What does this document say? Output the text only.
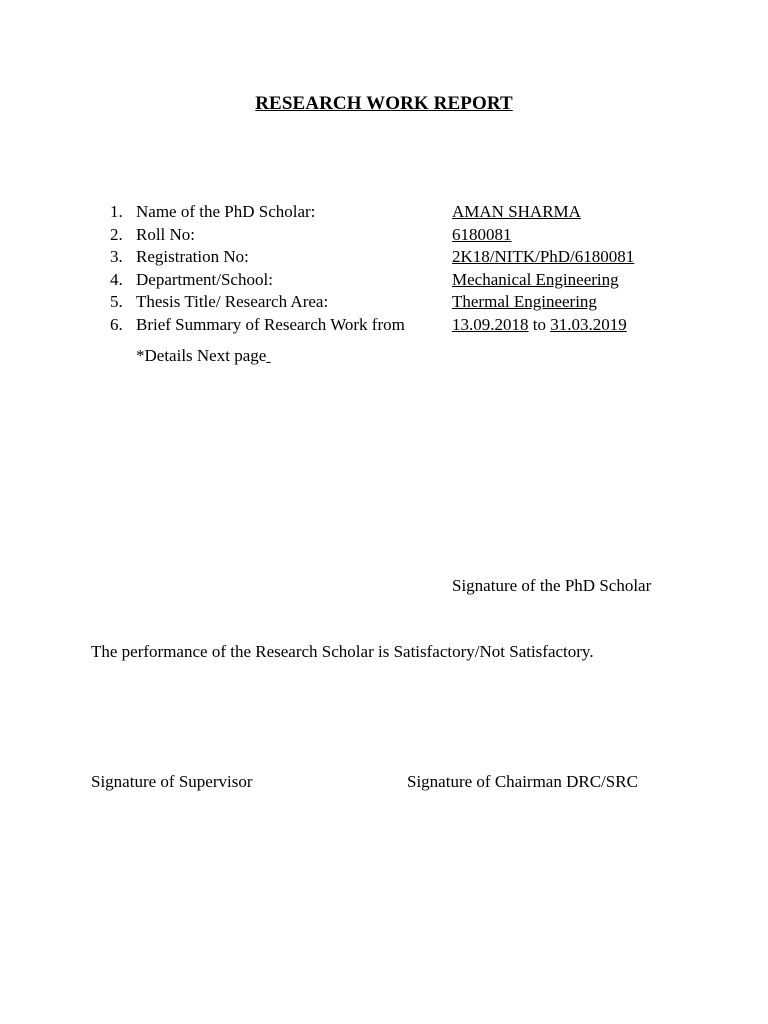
RESEARCH WORK REPORT
1. Name of the PhD Scholar:	AMAN SHARMA
2. Roll No:	6180081
3. Registration No:	2K18/NITK/PhD/6180081
4. Department/School:	Mechanical Engineering
5. Thesis Title/ Research Area:	Thermal Engineering
6. Brief Summary of Research Work from	13.09.2018 to 31.03.2019
*Details Next page
Signature of the PhD Scholar
The performance of the Research Scholar is Satisfactory/Not Satisfactory.
Signature of Supervisor	Signature of Chairman DRC/SRC
